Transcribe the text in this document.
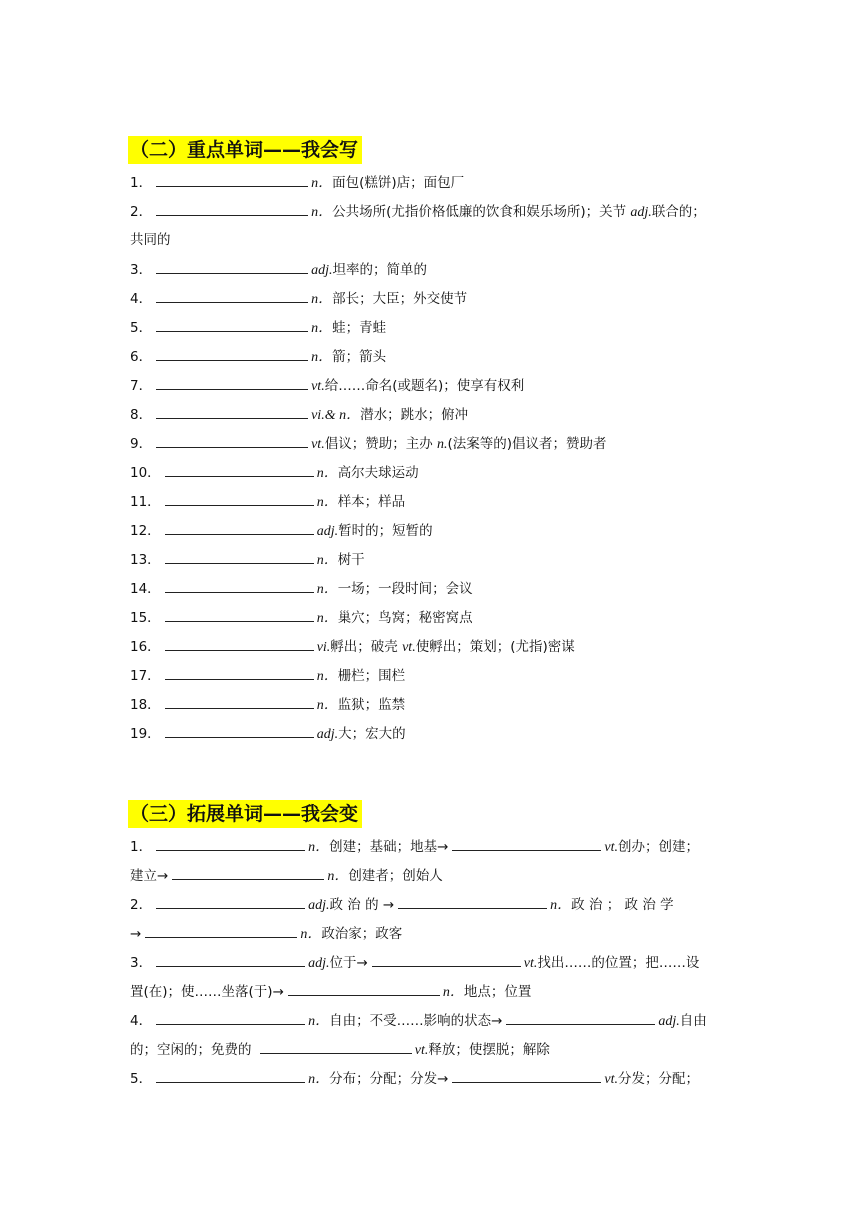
（二）重点单词——我会写
1．	n．面包(糕饼)店；面包厂
2．	n．公共场所(尤指价格低廉的饮食和娱乐场所)；关节 adj.联合的；
共同的
3．	adj.坦率的；简单的
4．	n．部长；大臣；外交使节
5．	n．蛙；青蛙
6．	n．箭；箭头
7．	vt.给……命名(或题名)；使享有权利
8．	vi.& n．潜水；跳水；俯冲
9．	vt.倡议；赞助；主办 n.(法案等的)倡议者；赞助者
10．	n．高尔夫球运动
11．	n．样本；样品
12．	adj.暂时的；短暂的
13．	n．树干
14．	n．一场；一段时间；会议
15．	n．巢穴；鸟窝；秘密窝点
16．	vi.孵出；破壳 vt.使孵出；策划；(尤指)密谋
17．	n．栅栏；围栏
18．	n．监狱；监禁
19．	adj.大；宏大的
（三）拓展单词——我会变
1．	n．创建；基础；地基→	vt.创办；创建；
建立→	n．创建者；创始人
2．	adj.政 治 的 →	n．政 治 ； 政 治 学
→	n．政治家；政客
3．	adj.位于→	vt.找出……的位置；把……设
置(在)；使……坐落(于)→	n．地点；位置
4．	n．自由；不受……影响的状态→	adj.自由
的；空闲的；免费的	vt.释放；使摆脱；解除
5．	n．分布；分配；分发→	vt.分发；分配；
